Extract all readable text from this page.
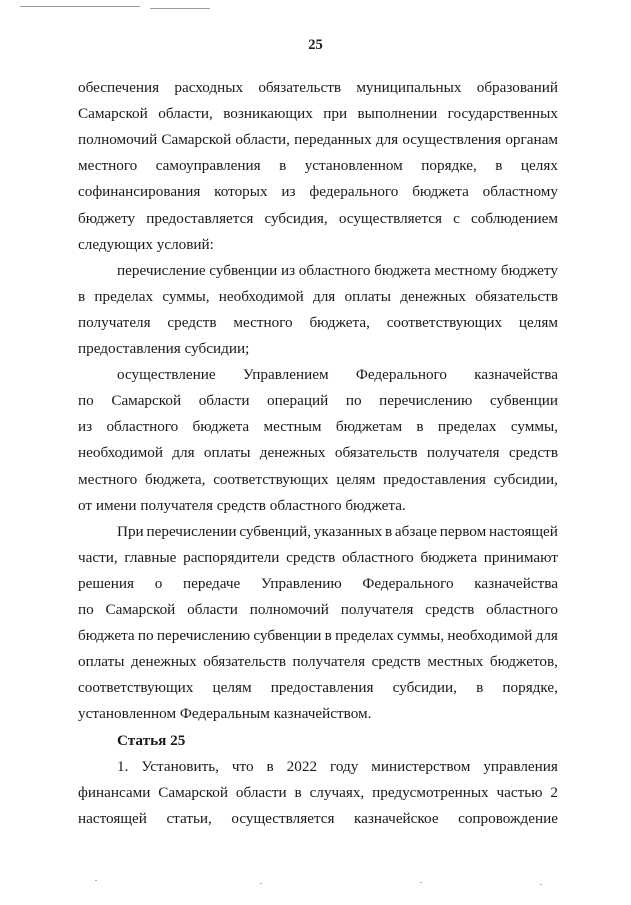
25
обеспечения расходных обязательств муниципальных образований
Самарской области, возникающих при выполнении государственных
полномочий Самарской области, переданных для осуществления органам
местного самоуправления в установленном порядке, в целях
софинансирования которых из федерального бюджета областному
бюджету предоставляется субсидия, осуществляется с соблюдением
следующих условий:
перечисление субвенции из областного бюджета местному бюджету
в пределах суммы, необходимой для оплаты денежных обязательств
получателя средств местного бюджета, соответствующих целям
предоставления субсидии;
осуществление Управлением Федерального казначейства
по Самарской области операций по перечислению субвенции
из областного бюджета местным бюджетам в пределах суммы,
необходимой для оплаты денежных обязательств получателя средств
местного бюджета, соответствующих целям предоставления субсидии,
от имени получателя средств областного бюджета.
При перечислении субвенций, указанных в абзаце первом настоящей
части, главные распорядители средств областного бюджета принимают
решения о передаче Управлению Федерального казначейства
по Самарской области полномочий получателя средств областного
бюджета по перечислению субвенции в пределах суммы, необходимой для
оплаты денежных обязательств получателя средств местных бюджетов,
соответствующих целям предоставления субсидии, в порядке,
установленном Федеральным казначейством.
Статья 25
1. Установить, что в 2022 году министерством управления
финансами Самарской области в случаях, предусмотренных частью 2
настоящей статьи, осуществляется казначейское сопровождение
